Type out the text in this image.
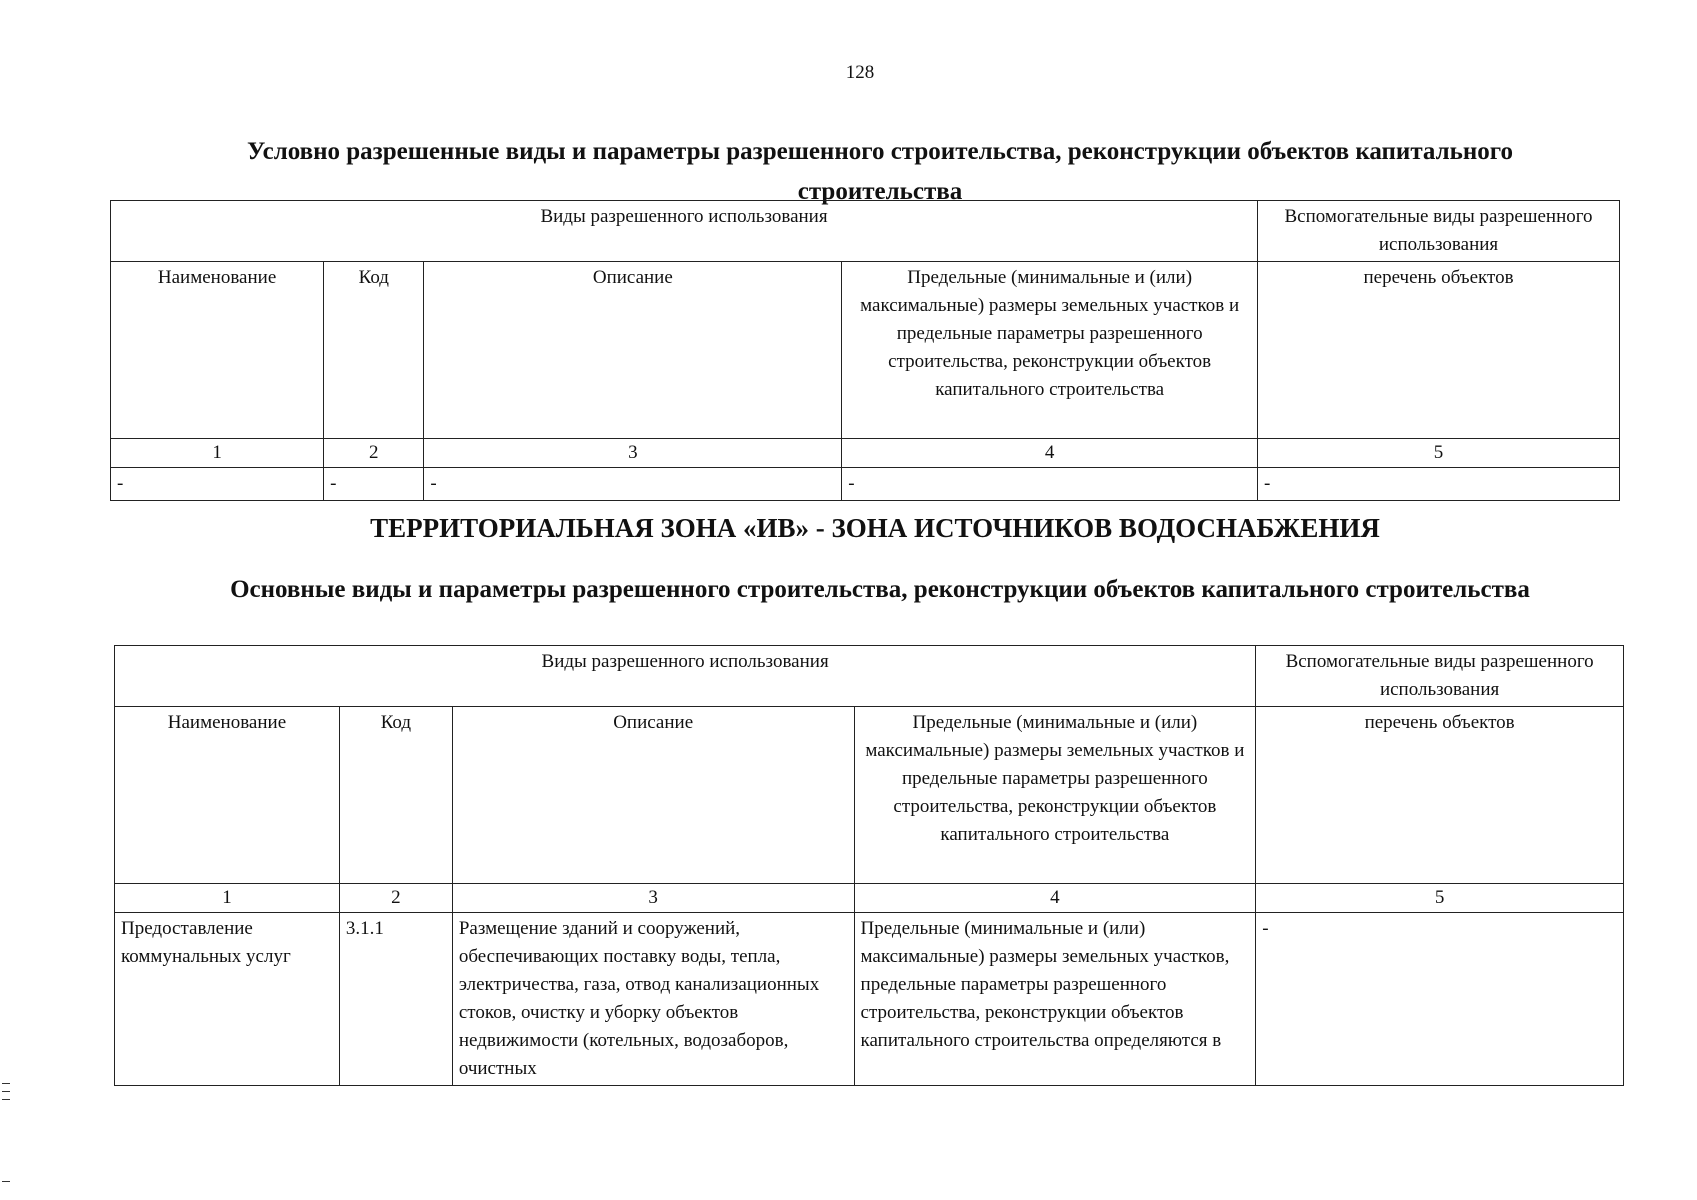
128
Условно разрешенные виды и параметры разрешенного строительства, реконструкции объектов капитального строительства
Виды разрешенного использования				Вспомогательные виды разрешенного использования
Наименование	Код	Описание	Предельные (минимальные и (или) максимальные) размеры земельных участков и предельные параметры разрешенного строительства, реконструкции объектов капитального строительства	перечень объектов
1	2	3	4	5
-	-	-	-	-
ТЕРРИТОРИАЛЬНАЯ ЗОНА «ИВ» - ЗОНА ИСТОЧНИКОВ ВОДОСНАБЖЕНИЯ
Основные виды и параметры разрешенного строительства, реконструкции объектов капитального строительства
Виды разрешенного использования				Вспомогательные виды разрешенного использования
Наименование	Код	Описание	Предельные (минимальные и (или) максимальные) размеры земельных участков и предельные параметры разрешенного строительства, реконструкции объектов капитального строительства	перечень объектов
1	2	3	4	5
Предоставление коммунальных услуг	3.1.1	Размещение зданий и сооружений, обеспечивающих поставку воды, тепла, электричества, газа, отвод канализационных стоков, очистку и уборку объектов недвижимости (котельных, водозаборов, очистных	Предельные (минимальные и (или) максимальные) размеры земельных участков, предельные параметры разрешенного строительства, реконструкции объектов капитального строительства определяются в	-
